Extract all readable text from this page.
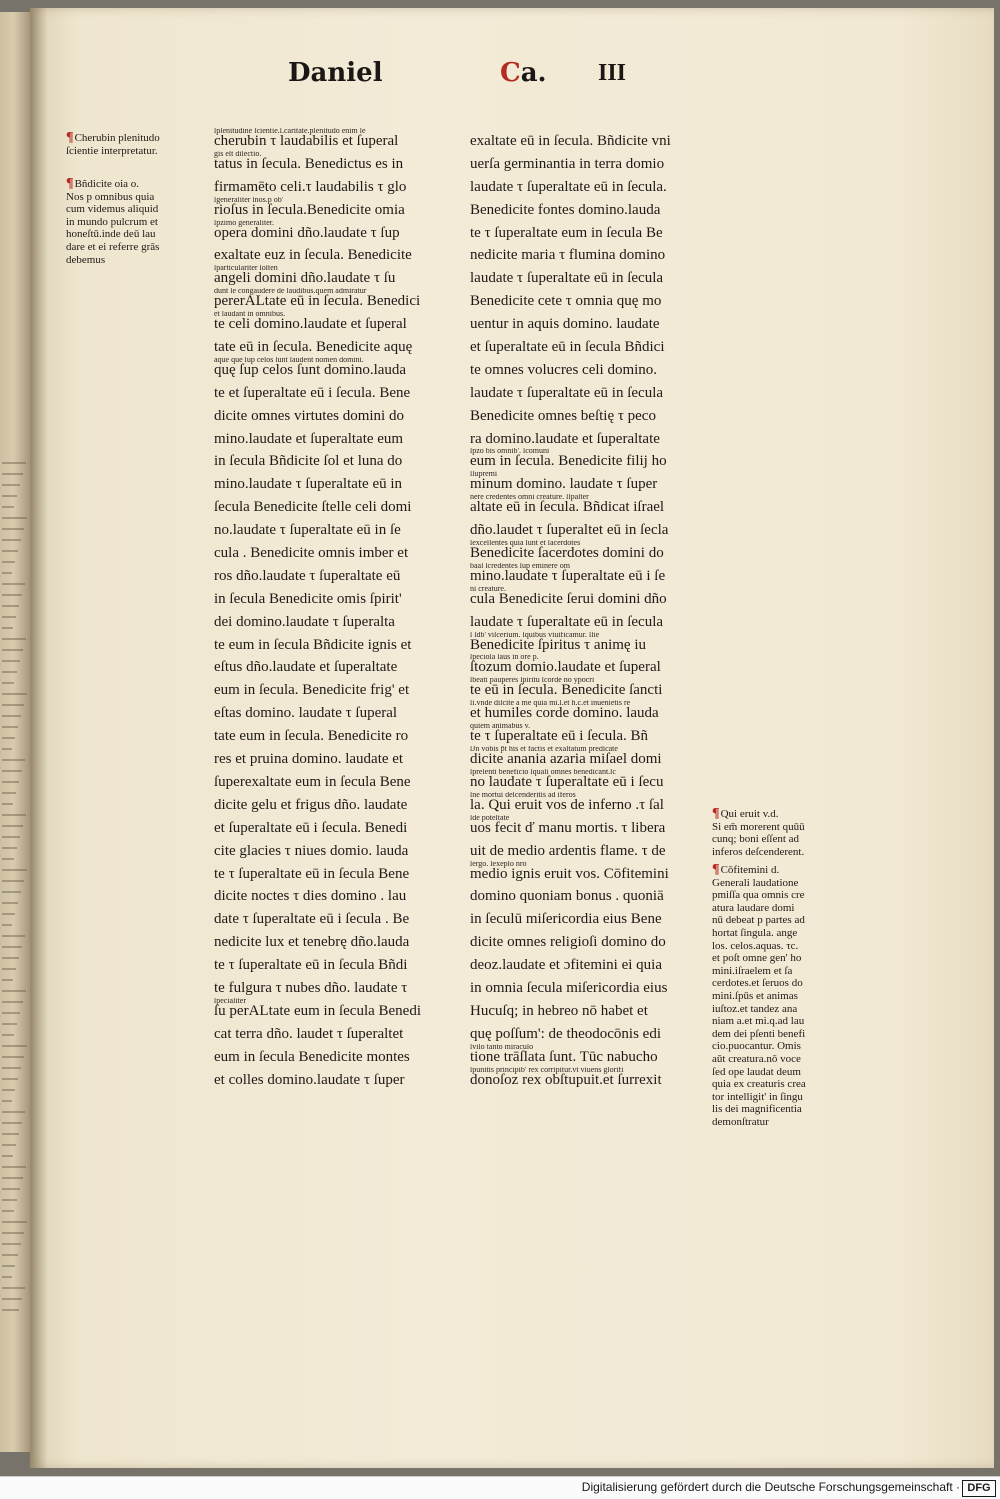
Daniel	Ca. III
¶Cherubin plenitudo
ſcientie interpretatur.
¶Bñdicite oia o.
Nos p omnibus quia
cum videmus aliquid
in mundo pulcrum et
honeſtū.inde deū lau
dare et ei referre grās
debemus
ſplenitudinē ſcientie.ſ.caritatē.plenitudo enim le
cherubin τ laudabilis et ſuperal
gis eſt dilectio.
tatus in ſecula. Benedictus es in
firmamēto celi.τ laudabilis τ glo
ſgeneraliter ſnos.p ob'
rioſus in ſecula.Benedicite omia
ſpzimo generaliter.
opera domini dño.laudate τ ſup
exaltate euz in ſecula. Benedicite
ſparticulariter ſoſten
angeli domini dño.laudate τ ſu
dunt ſe congaudere de laudibus.quem admiratur
pererALtate eū in ſecula. Benedici
et laudant in omnibus.
te celi domino.laudate et ſuperal
tate eū in ſecula. Benedicite aquę
aque que ſup celos ſunt laudent nomen domini.
quę ſup celos ſunt domino.lauda
te et ſuperaltate eū i ſecula. Bene
dicite omnes virtutes domini do
mino.laudate et ſuperaltate eum
in ſecula Bñdicite ſol et luna do
mino.laudate τ ſuperaltate eū in
ſecula Benedicite ſtelle celi domi
no.laudate τ ſuperaltate eū in ſe
cula . Benedicite omnis imber et
ros dño.laudate τ ſuperaltate eū
in ſecula Benedicite omis ſpirit'
dei domino.laudate τ ſuperalta
te eum in ſecula Bñdicite ignis et
eſtus dño.laudate et ſuperaltate
eum in ſecula. Benedicite frig' et
eſtas domino. laudate τ ſuperal
tate eum in ſecula. Benedicite ro
res et pruina domino. laudate et
ſuperexaltate eum in ſecula Bene
dicite gelu et frigus dño. laudate
et ſuperaltate eū i ſecula. Benedi
cite glacies τ niues domio. lauda
te τ ſuperaltate eū in ſecula Bene
dicite noctes τ dies domino . lau
date τ ſuperaltate eū i ſecula . Be
nedicite lux et tenebrę dño.lauda
te τ ſuperaltate eū in ſecula Bñdi
te fulgura τ nubes dño. laudate τ
ſpecialiter
ſu perALtate eum in ſecula Benedi
cat terra dño. laudet τ ſuperaltet
eum in ſecula Benedicite montes
et colles domino.laudate τ ſuper
exaltate eū in ſecula. Bñdicite vni
uerſa germinantia in terra domio
laudate τ ſuperaltate eū in ſecula.
Benedicite fontes domino.lauda
te τ ſuperaltate eum in ſecula Be
nedicite maria τ flumina domino
laudate τ ſuperaltate eū in ſecula
Benedicite cete τ omnia quę mo
uentur in aquis domino. laudate
et ſuperaltate eū in ſecula Bñdici
te omnes volucres celi domino.
laudate τ ſuperaltate eū in ſecula
Benedicite omnes beſtię τ peco
ra domino.laudate et ſuperaltate
ſpzo bis omnib'. ſcomuni
eum in ſecula. Benedicite filij ho
ſſupremi
minum domino. laudate τ ſuper
nere credentes omni creature. ſſpālter
altate eū in ſecula. Bñdicat iſrael
dño.laudet τ ſuperaltet eū in ſecla
ſexcellentes quia ſunt et ſacerdotes
Benedicite ſacerdotes domini do
baal ſcredentes ſup eminere om
mino.laudate τ ſuperaltate eū i ſe
ni creature.
cula Benedicite ſerui domini dño
laudate τ ſuperaltate eū in ſecula
ſ ſdb' viſcerium. ſquibus viuificamur. ſſiē
Benedicite ſpiritus τ animę iu
ſpecioſa laus in ore p.
ſtozum domio.laudate et ſuperal
ſbeati pauperes ſpiritu ſcorde nō ypocri
te eū in ſecula. Benedicite ſancti
ſi.vnde diſcite a me quia mi.ſ.et h.c.et inuenietis re
et humiles corde domino. lauda
quiem animabus v.
te τ ſuperaltate eū i ſecula. Bñ
ſJn vobis p̄t his et factis et exaltatum predicate
dicite anania azaria miſael domi
ſpreſenti beneficio ſquaſi omnes benedicant.ſc
no laudate τ ſuperaltate eū i ſecu
ſne mortui deſcenderitis ad iferos
la. Qui eruit vos de inferno .τ ſal
ſde poteſtate
uos fecit ď manu mortis. τ libera
uit de medio ardentis flame. τ de
ſergo. ſexēplo nrō
medio ignis eruit vos. Cōfitemini
domino quoniam bonus . quoniā
in ſeculū miſericordia eius Bene
dicite omnes religioſi domino do
deoz.laudate et ɔfitemini ei quia
in omnia ſecula miſericordia eius
Hucuſq; in hebreo nō habet et
quę poſſum': de theodocōnis edi
ſviſo tanto miraculo
tione trāſlata ſunt. Tūc nabucho
ſpunitis principib' rex corripitur.vt viuens glorifi
donoſoz rex obſtupuit.et ſurrexit
¶Qui eruit v.d.
Si em̄ morerent quūū
cunq; boni eſſent ad
inferos deſcenderent.
¶Cōfitemini d.
Generali laudatione
pmiſſa qua omnis cre
atura laudare domi
nū debeat p partes ad
hortat ſingula. ange
los. celos.aquas. τc.
et poſt omne gen' ho
mini.iſraelem et ſa
cerdotes.et ſeruos do
mini.ſpūs et animas
iuſtoz.et tandez ana
niam a.et mi.q.ad lau
dem dei pſenti benefi
cio.puocantur. Omis
aūt creatura.nō voce
ſed ope laudat deum
quia ex creaturis crea
tor intelligit' in ſingu
lis dei magnificentia
demonſtratur
Digitalisierung gefördert durch die Deutsche Forschungsgemeinschaft · DFG
